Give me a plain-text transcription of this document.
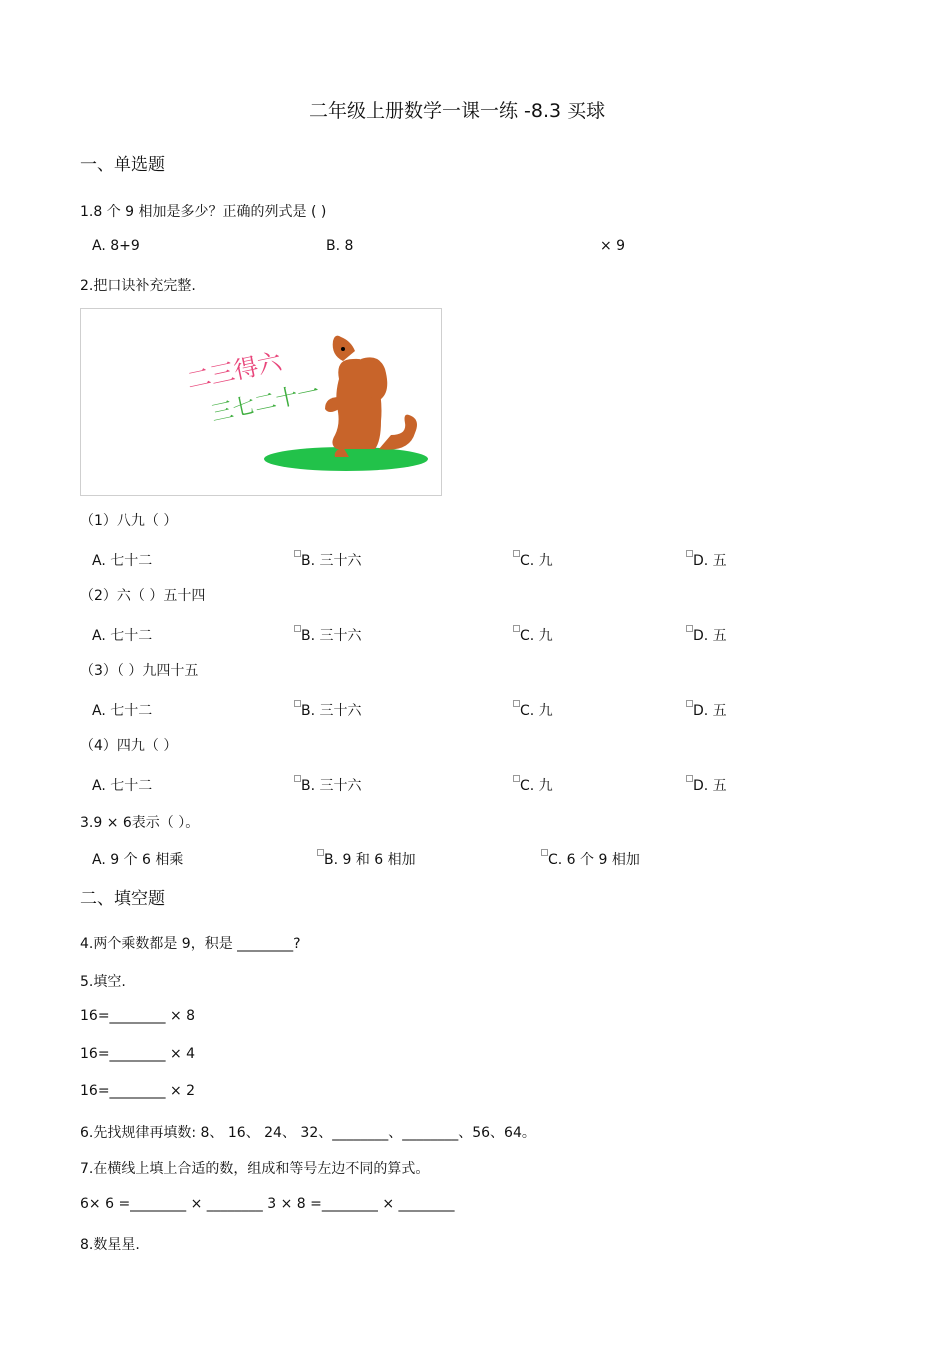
二年级上册数学一课一练 -8.3 买球
一、单选题
1.8 个 9 相加是多少？正确的列式是 ( )
A. 8+9	B. 8	× 9
2.把口诀补充完整.
二三得六
三七二十一
（1）八九（ ）
A. 七十二	B. 三十六	C. 九	D. 五
（2）六（ ）五十四
A. 七十二	B. 三十六	C. 九	D. 五
（3）（ ）九四十五
A. 七十二	B. 三十六	C. 九	D. 五
（4）四九（ ）
A. 七十二	B. 三十六	C. 九	D. 五
3.9 × 6表示（ ）。
A. 9 个 6 相乘	B. 9 和 6 相加	C. 6 个 9 相加
二、填空题
4.两个乘数都是 9，积是 ________?
5.填空.
16=________ × 8
16=________ × 4
16=________ × 2
6.先找规律再填数: 8、 16、 24、 32、________、________、56、64。
7.在横线上填上合适的数，组成和等号左边不同的算式。
6× 6 =________ × ________ 3 × 8 =________ × ________
8.数星星.
